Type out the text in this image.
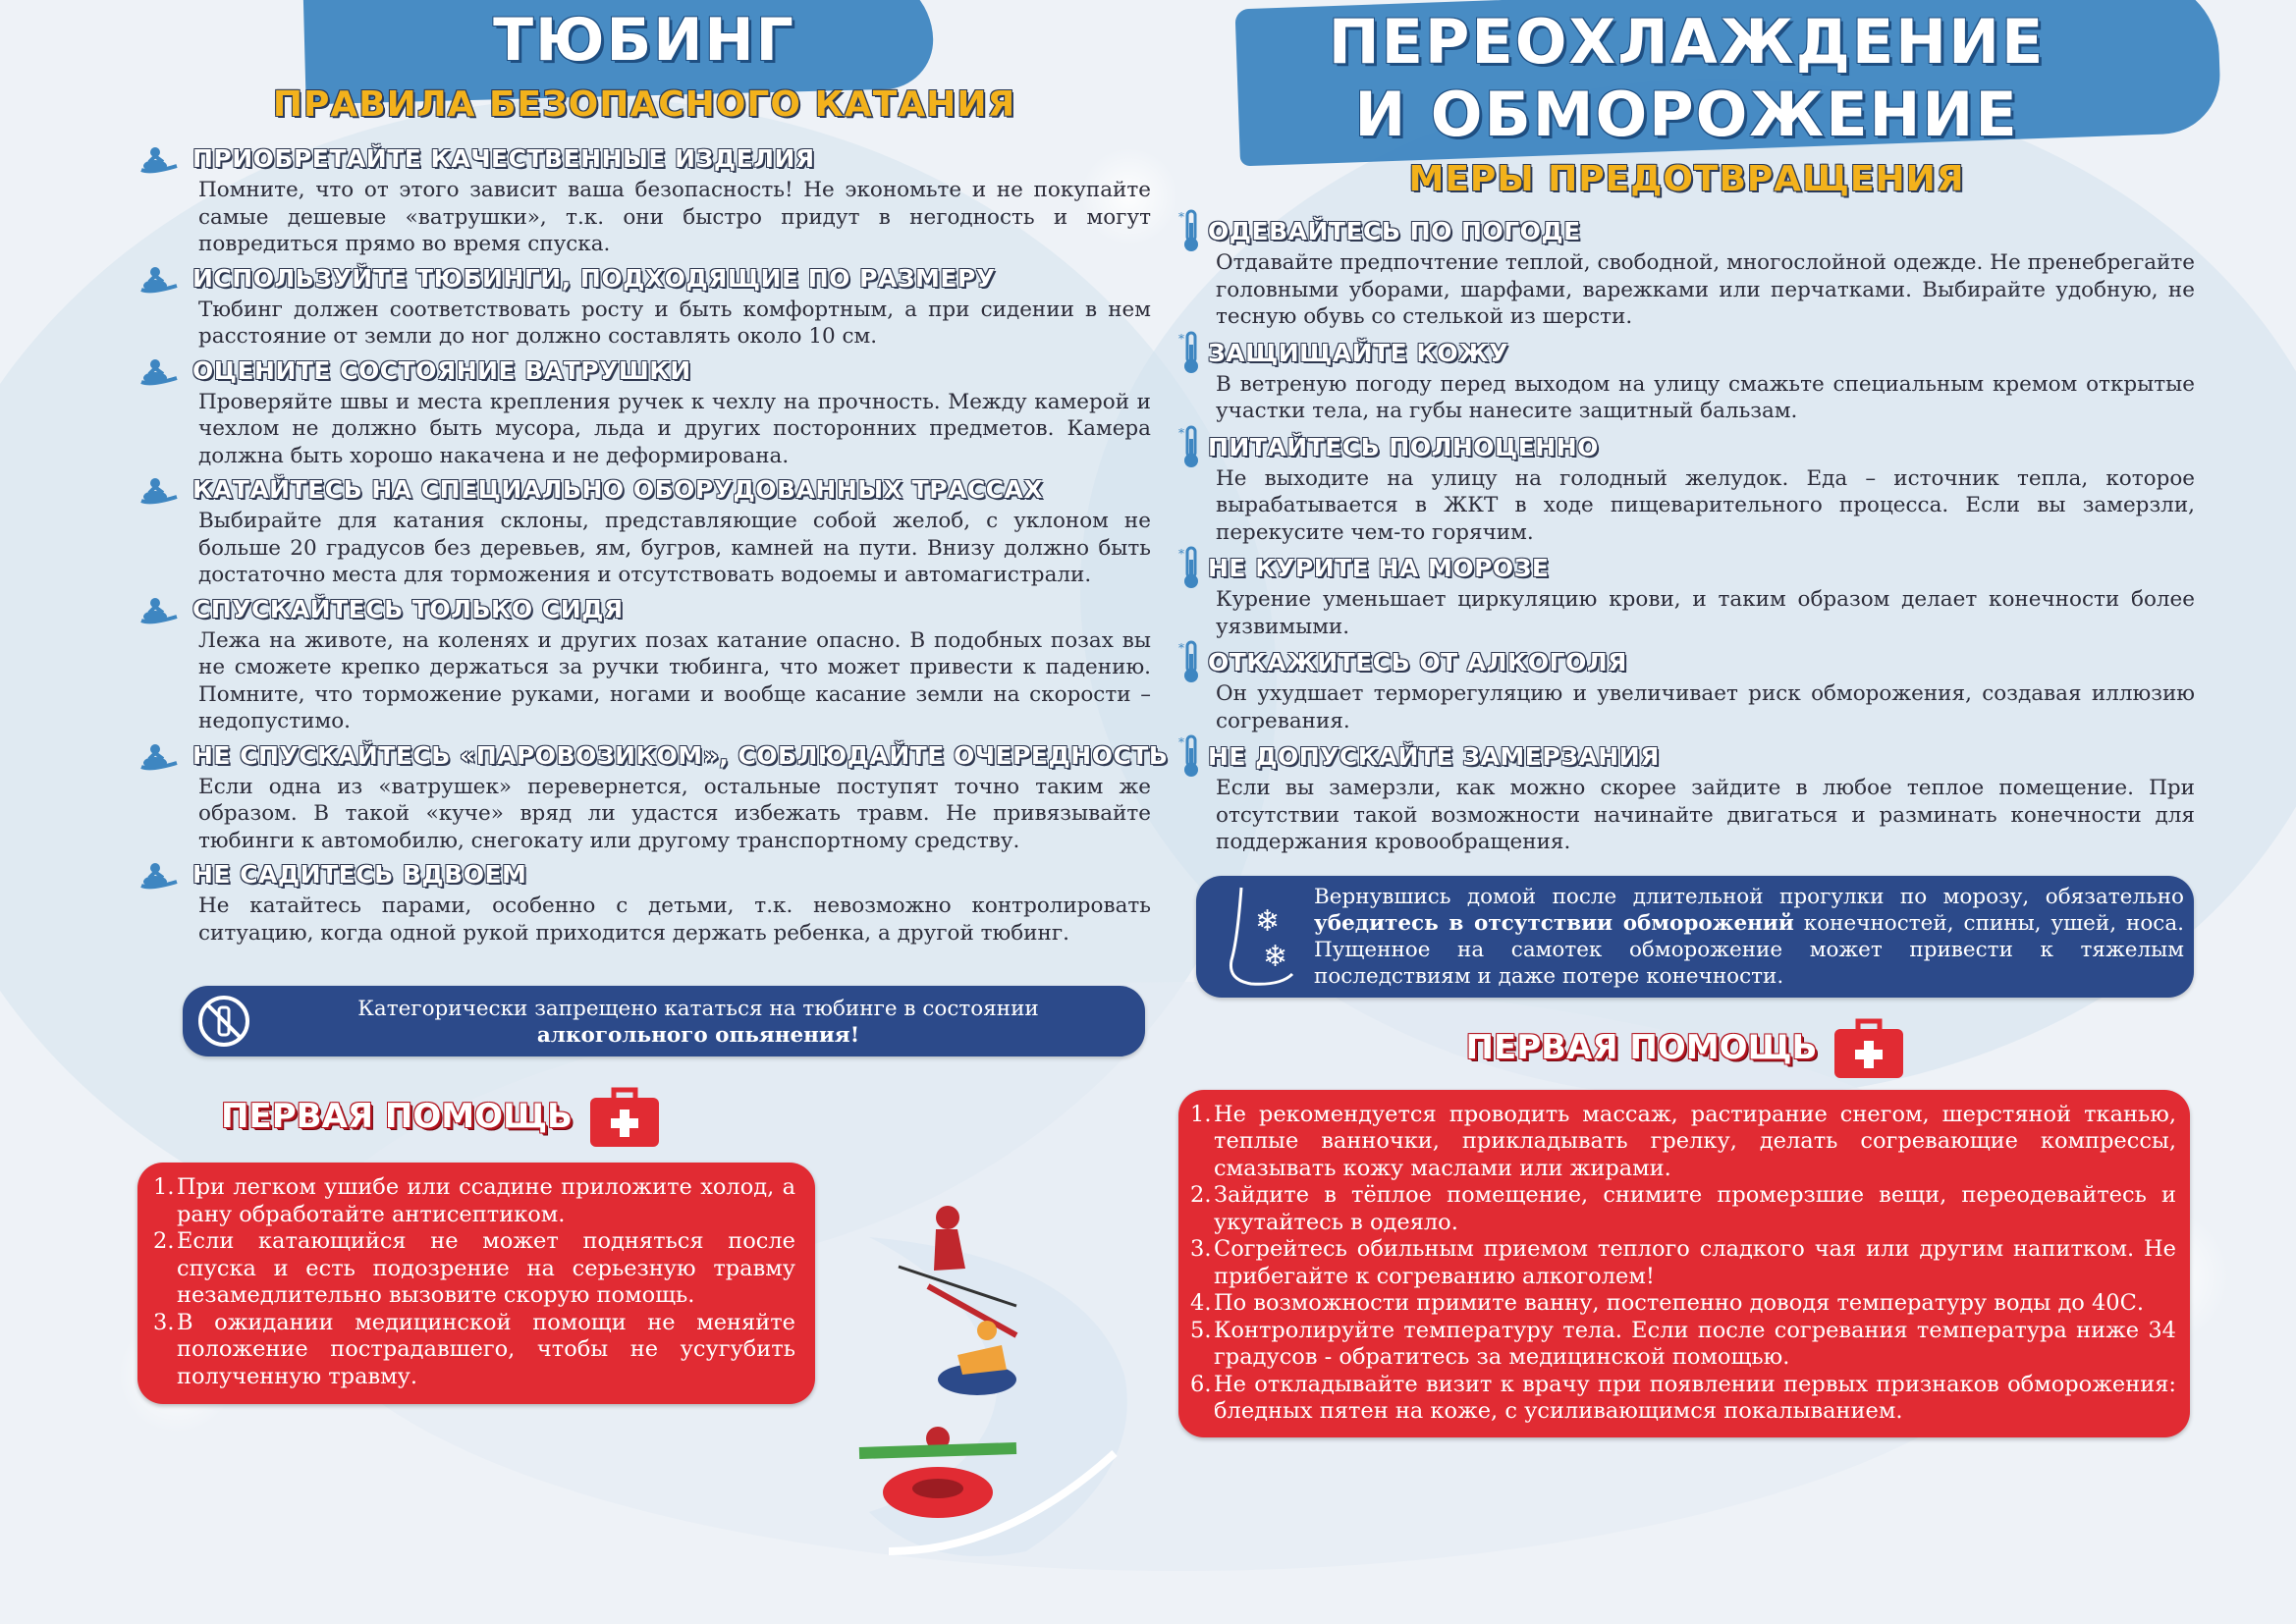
ТЮБИНГ
ПРАВИЛА БЕЗОПАСНОГО КАТАНИЯ
ПРИОБРЕТАЙТЕ КАЧЕСТВЕННЫЕ ИЗДЕЛИЯ

Помните, что от этого зависит ваша безопасность! Не экономьте и не покупайте самые дешевые «ватрушки», т.к. они быстро придут в негодность и могут повредиться прямо во время спуска.

ИСПОЛЬЗУЙТЕ ТЮБИНГИ, ПОДХОДЯЩИЕ ПО РАЗМЕРУ

Тюбинг должен соответствовать росту и быть комфортным, а при сидении в нем расстояние от земли до ног должно составлять около 10 см.

ОЦЕНИТЕ СОСТОЯНИЕ ВАТРУШКИ

Проверяйте швы и места крепления ручек к чехлу на прочность. Между камерой и чехлом не должно быть мусора, льда и других посторонних предметов. Камера должна быть хорошо накачена и не деформирована.

КАТАЙТЕСЬ НА СПЕЦИАЛЬНО ОБОРУДОВАННЫХ ТРАССАХ

Выбирайте для катания склоны, представляющие собой желоб, с уклоном не больше 20 градусов без деревьев, ям, бугров, камней на пути. Внизу должно быть достаточно места для торможения и отсутствовать водоемы и автомагистрали.

СПУСКАЙТЕСЬ ТОЛЬКО СИДЯ

Лежа на животе, на коленях и других позах катание опасно. В подобных позах вы не сможете крепко держаться за ручки тюбинга, что может привести к падению. Помните, что торможение руками, ногами и вообще касание земли на скорости – недопустимо.

НЕ СПУСКАЙТЕСЬ «ПАРОВОЗИКОМ», СОБЛЮДАЙТЕ ОЧЕРЕДНОСТЬ

Если одна из «ватрушек» перевернется, остальные поступят точно таким же образом. В такой «куче» вряд ли удастся избежать травм. Не привязывайте тюбинги к автомобилю, снегокату или другому транспортному средству.

НЕ САДИТЕСЬ ВДВОЕМ

Не катайтесь парами, особенно с детьми, т.к. невозможно контролировать ситуацию, когда одной рукой приходится держать ребенка, а другой тюбинг.

Категорически запрещено кататься на тюбинге в состоянии
алкогольного опьянения!
ПЕРВАЯ ПОМОЩЬ
1. При легком ушибе или ссадине приложите холод, а рану обработайте антисептиком.
2. Если катающийся не может подняться после спуска и есть подозрение на серьезную травму незамедлительно вызовите скорую помощь.
3. В ожидании медицинской помощи не меняйте положение пострадавшего, чтобы не усугубить полученную травму.
ПЕРЕОХЛАЖДЕНИЕ
И ОБМОРОЖЕНИЕ
МЕРЫ ПРЕДОТВРАЩЕНИЯ
* ОДЕВАЙТЕСЬ ПО ПОГОДЕ

Отдавайте предпочтение теплой, свободной, многослойной одежде. Не пренебрегайте головными уборами, шарфами, варежками или перчатками. Выбирайте удобную, не тесную обувь со стелькой из шерсти.

* ЗАЩИЩАЙТЕ КОЖУ

В ветреную погоду перед выходом на улицу смажьте специальным кремом открытые участки тела, на губы нанесите защитный бальзам.

* ПИТАЙТЕСЬ ПОЛНОЦЕННО

Не выходите на улицу на голодный желудок. Еда – источник тепла, которое вырабатывается в ЖКТ в ходе пищеварительного процесса. Если вы замерзли, перекусите чем-то горячим.

* НЕ КУРИТЕ НА МОРОЗЕ

Курение уменьшает циркуляцию крови, и таким образом делает конечности более уязвимыми.

* ОТКАЖИТЕСЬ ОТ АЛКОГОЛЯ

Он ухудшает терморегуляцию и увеличивает риск обморожения, создавая иллюзию согревания.

* НЕ ДОПУСКАЙТЕ ЗАМЕРЗАНИЯ

Если вы замерзли, как можно скорее зайдите в любое теплое помещение. При отсутствии такой возможности начинайте двигаться и разминать конечности для поддержания кровообращения.

❄
❄
Вернувшись домой после длительной прогулки по морозу, обязательно убедитесь в отсутствии обморожений конечностей, спины, ушей, носа. Пущенное на самотек обморожение может привести к тяжелым последствиям и даже потере конечности.
ПЕРВАЯ ПОМОЩЬ
1. Не рекомендуется проводить массаж, растирание снегом, шерстяной тканью, теплые ванночки, прикладывать грелку, делать согревающие компрессы, смазывать кожу маслами или жирами.
2. Зайдите в тёплое помещение, снимите промерзшие вещи, переодевайтесь и укутайтесь в одеяло.
3. Согрейтесь обильным приемом теплого сладкого чая или другим напитком. Не прибегайте к согреванию алкоголем!
4. По возможности примите ванну, постепенно доводя температуру воды до 40С.
5. Контролируйте температуру тела. Если после согревания температура ниже 34 градусов - обратитесь за медицинской помощью.
6. Не откладывайте визит к врачу при появлении первых признаков обморожения: бледных пятен на коже, с усиливающимся покалыванием.
